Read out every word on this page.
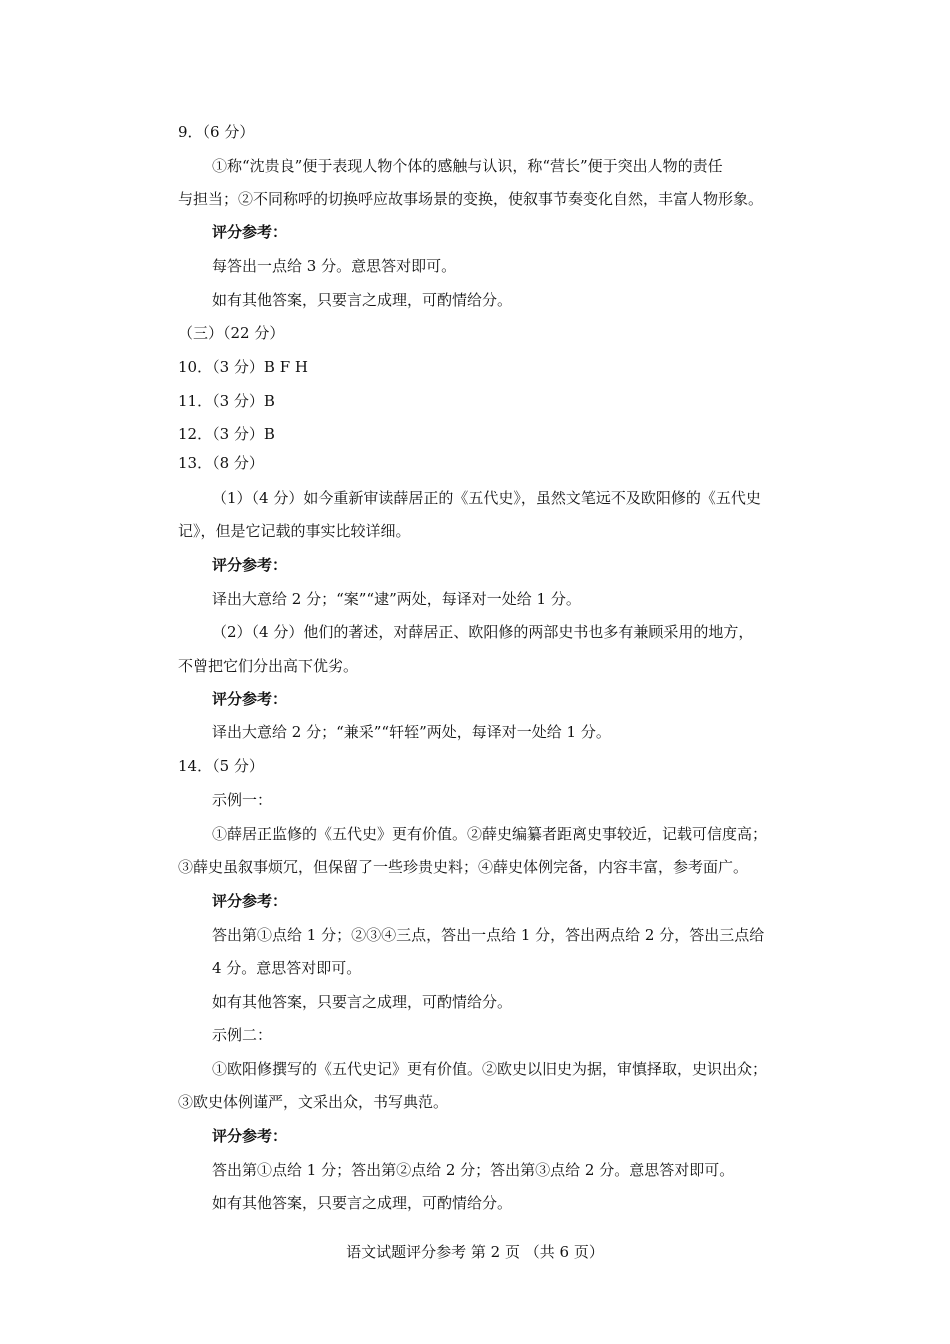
9．（6 分）
①称“沈贵良”便于表现人物个体的感触与认识，称“营长”便于突出人物的责任
与担当；②不同称呼的切换呼应故事场景的变换，使叙事节奏变化自然，丰富人物形象。
评分参考：
每答出一点给 3 分。意思答对即可。
如有其他答案，只要言之成理，可酌情给分。
（三）（22 分）
10．（3 分）B F H
11．（3 分）B
12．（3 分）B
13．（8 分）
（1）（4 分）如今重新审读薛居正的《五代史》，虽然文笔远不及欧阳修的《五代史
记》，但是它记载的事实比较详细。
评分参考：
译出大意给 2 分；“案”“逮”两处，每译对一处给 1 分。
（2）（4 分）他们的著述，对薛居正、欧阳修的两部史书也多有兼顾采用的地方，
不曾把它们分出高下优劣。
评分参考：
译出大意给 2 分；“兼采”“轩轾”两处，每译对一处给 1 分。
14．（5 分）
示例一：
①薛居正监修的《五代史》更有价值。②薛史编纂者距离史事较近，记载可信度高；
③薛史虽叙事烦冗，但保留了一些珍贵史料；④薛史体例完备，内容丰富，参考面广。
评分参考：
答出第①点给 1 分；②③④三点，答出一点给 1 分，答出两点给 2 分，答出三点给
4 分。意思答对即可。
如有其他答案，只要言之成理，可酌情给分。
示例二：
①欧阳修撰写的《五代史记》更有价值。②欧史以旧史为据，审慎择取，史识出众；
③欧史体例谨严，文采出众，书写典范。
评分参考：
答出第①点给 1 分；答出第②点给 2 分；答出第③点给 2 分。意思答对即可。
如有其他答案，只要言之成理，可酌情给分。
语文试题评分参考 第 2 页 （共 6 页）
